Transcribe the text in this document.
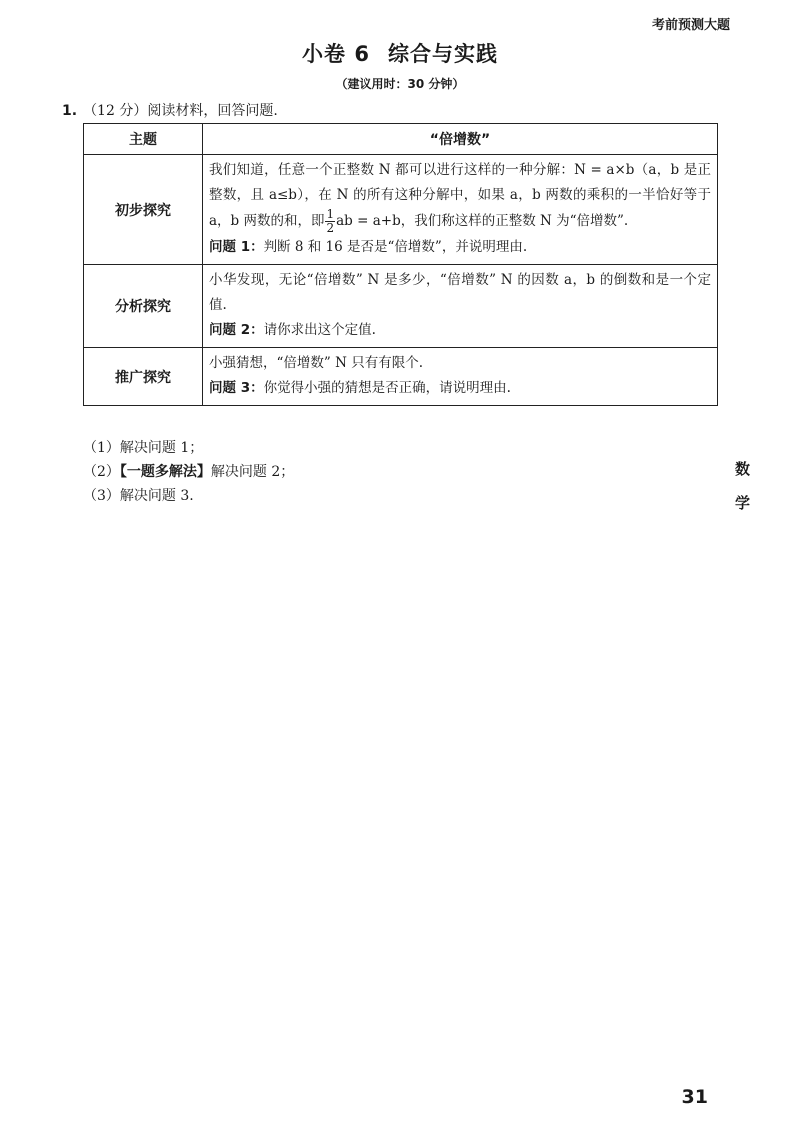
考前预测大题
小卷 6 综合与实践
（建议用时：30 分钟）
1. （12 分）阅读材料，回答问题.
主题	“倍增数”
初步探究	我们知道，任意一个正整数 N 都可以进行这样的一种分解：N = a×b（a，b 是正整数，且 a≤b），在 N 的所有这种分解中，如果 a，b 两数的乘积的一半恰好等于 a，b 两数的和，即 $\frac{1}{2}$ ab = a+b，我们称这样的正整数 N 为“倍增数”.
问题 1：判断 8 和 16 是否是“倍增数”，并说明理由.
分析探究	小华发现，无论“倍增数” N 是多少，“倍增数” N 的因数 a，b 的倒数和是一个定值.
问题 2：请你求出这个定值.
推广探究	小强猜想，“倍增数” N 只有有限个.
问题 3：你觉得小强的猜想是否正确，请说明理由.
（1）解决问题 1；
（2）【一题多解法】解决问题 2；
（3）解决问题 3.
数
学
31
